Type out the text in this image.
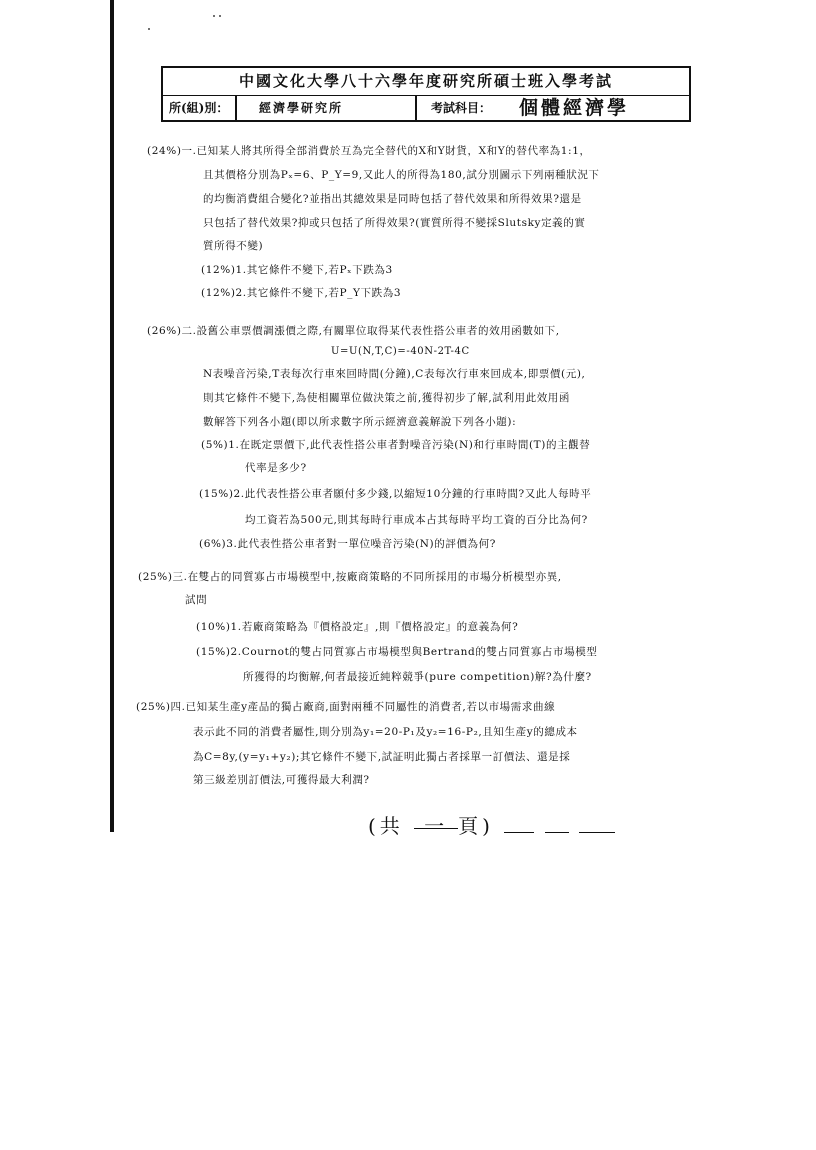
中國文化大學八十六學年度研究所碩士班入學考試
所(組)別：	經濟學研究所	考試科目：	個體經濟學
(24%)一.已知某人將其所得全部消費於互為完全替代的X和Y財貨，X和Y的替代率為1:1，
且其價格分別為Pₓ=6、P_Y=9,又此人的所得為180,試分別圖示下列兩種狀況下
的均衡消費組合變化?並指出其總效果是同時包括了替代效果和所得效果?還是
只包括了替代效果?抑或只包括了所得效果?(實質所得不變採Slutsky定義的實
質所得不變)
(12%)1.其它條件不變下,若Pₓ下跌為3
(12%)2.其它條件不變下,若P_Y下跌為3
(26%)二.設舊公車票價調漲價之際,有關單位取得某代表性搭公車者的效用函數如下,
U=U(N,T,C)=-40N-2T-4C
N表噪音污染,T表每次行車來回時間(分鐘),C表每次行車來回成本,即票價(元),
則其它條件不變下,為使相關單位做決策之前,獲得初步了解,試利用此效用函
數解答下列各小題(即以所求數字所示經濟意義解說下列各小題):
(5%)1.在既定票價下,此代表性搭公車者對噪音污染(N)和行車時間(T)的主觀替
代率是多少?
(15%)2.此代表性搭公車者願付多少錢,以縮短10分鐘的行車時間?又此人每時平
均工資若為500元,則其每時行車成本占其每時平均工資的百分比為何?
(6%)3.此代表性搭公車者對一單位噪音污染(N)的評價為何?
(25%)三.在雙占的同質寡占市場模型中,按廠商策略的不同所採用的市場分析模型亦異,
試問
(10%)1.若廠商策略為『價格設定』,則『價格設定』的意義為何?
(15%)2.Cournot的雙占同質寡占市場模型與Bertrand的雙占同質寡占市場模型
所獲得的均衡解,何者最接近純粹競爭(pure competition)解?為什麼?
(25%)四.已知某生產y產品的獨占廠商,面對兩種不同屬性的消費者,若以市場需求曲線
表示此不同的消費者屬性,則分別為y₁=20-P₁及y₂=16-P₂,且知生產y的總成本
為C=8y,(y=y₁+y₂);其它條件不變下,試証明此獨占者採單一訂價法、還是採
第三級差別訂價法,可獲得最大利潤?
(共 一 頁)
